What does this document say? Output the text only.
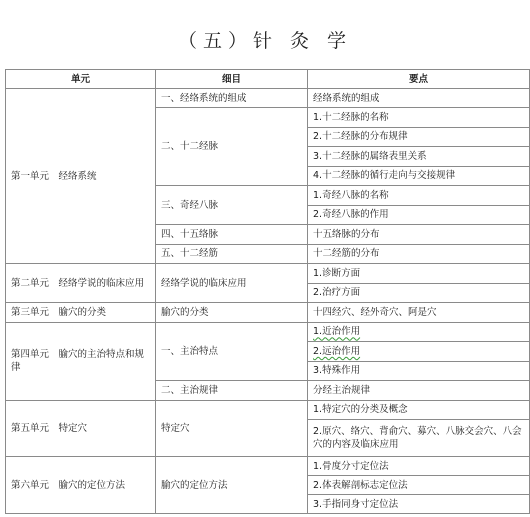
（五）针 灸 学
单元	细目	要点
第一单元　经络系统	一、经络系统的组成	经络系统的组成
	二、十二经脉	1.十二经脉的名称
		2.十二经脉的分布规律
		3.十二经脉的属络表里关系
		4.十二经脉的循行走向与交接规律
	三、奇经八脉	1.奇经八脉的名称
		2.奇经八脉的作用
	四、十五络脉	十五络脉的分布
	五、十二经筋	十二经筋的分布
第二单元　经络学说的临床应用	经络学说的临床应用	1.诊断方面
		2.治疗方面
第三单元　腧穴的分类	腧穴的分类	十四经穴、经外奇穴、阿是穴
第四单元　腧穴的主治特点和规律	一、主治特点	1.近治作用
		2.远治作用
		3.特殊作用
	二、主治规律	分经主治规律
第五单元　特定穴	特定穴	1.特定穴的分类及概念
		2.原穴、络穴、背俞穴、募穴、八脉交会穴、八会穴的内容及临床应用
第六单元　腧穴的定位方法	腧穴的定位方法	1.骨度分寸定位法
		2.体表解剖标志定位法
		3.手指同身寸定位法
